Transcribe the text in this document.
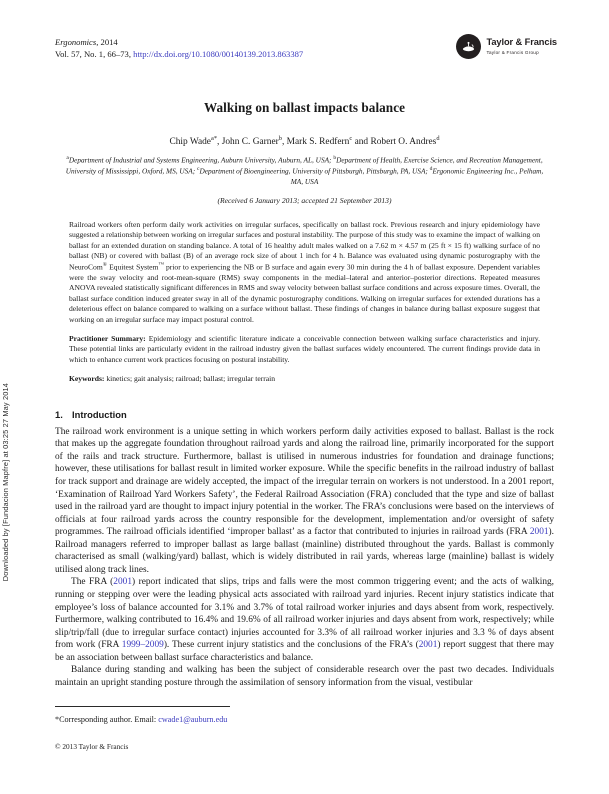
Downloaded by [Fundacion Mapfre] at 03:25 27 May 2014
Ergonomics, 2014
Vol. 57, No. 1, 66–73, http://dx.doi.org/10.1080/00140139.2013.863387
Taylor & Francis
Taylor & Francis Group
Walking on ballast impacts balance
Chip Wade$^{a*}$, John C. Garner$^b$, Mark S. Redfern$^c$ and Robert O. Andres$^d$
$^a$Department of Industrial and Systems Engineering, Auburn University, Auburn, AL, USA; $^b$Department of Health, Exercise Science, and Recreation Management, University of Mississippi, Oxford, MS, USA; $^c$Department of Bioengineering, University of Pittsburgh, Pittsburgh, PA, USA; $^d$Ergonomic Engineering Inc., Pelham, MA, USA
(Received 6 January 2013; accepted 21 September 2013)

Railroad workers often perform daily work activities on irregular surfaces, specifically on ballast rock. Previous research and injury epidemiology have suggested a relationship between working on irregular surfaces and postural instability. The purpose of this study was to examine the impact of walking on ballast for an extended duration on standing balance. A total of 16 healthy adult males walked on a 7.62 m × 4.57 m (25 ft × 15 ft) walking surface of no ballast (NB) or covered with ballast (B) of an average rock size of about 1 inch for 4 h. Balance was evaluated using dynamic posturography with the NeuroCom® Equitest System™ prior to experiencing the NB or B surface and again every 30 min during the 4 h of ballast exposure. Dependent variables were the sway velocity and root-mean-square (RMS) sway components in the medial–lateral and anterior–posterior directions. Repeated measures ANOVA revealed statistically significant differences in RMS and sway velocity between ballast surface conditions and across exposure times. Overall, the ballast surface condition induced greater sway in all of the dynamic posturography conditions. Walking on irregular surfaces for extended durations has a deleterious effect on balance compared to walking on a surface without ballast. These findings of changes in balance during ballast exposure suggest that working on an irregular surface may impact postural control.

Practitioner Summary: Epidemiology and scientific literature indicate a conceivable connection between walking surface characteristics and injury. These potential links are particularly evident in the railroad industry given the ballast surfaces widely encountered. The current findings provide data in which to enhance current work practices focusing on postural instability.

Keywords: kinetics; gait analysis; railroad; ballast; irregular terrain

1. Introduction

The railroad work environment is a unique setting in which workers perform daily activities exposed to ballast. Ballast is the rock that makes up the aggregate foundation throughout railroad yards and along the railroad line, primarily incorporated for the support of the rails and track structure. Furthermore, ballast is utilised in numerous industries for foundation and drainage functions; however, these utilisations for ballast result in limited worker exposure. While the specific benefits in the railroad industry of ballast for track support and drainage are widely accepted, the impact of the irregular terrain on workers is not understood. In a 2001 report, ‘Examination of Railroad Yard Workers Safety’, the Federal Railroad Association (FRA) concluded that the type and size of ballast used in the railroad yard are thought to impact injury potential in the worker. The FRA’s conclusions were based on the interviews of officials at four railroad yards across the country responsible for the development, implementation and/or oversight of safety programmes. The railroad officials identified ‘improper ballast’ as a factor that contributed to injuries in railroad yards (FRA 2001). Railroad managers referred to improper ballast as large ballast (mainline) distributed throughout the yards. Ballast is commonly characterised as small (walking/yard) ballast, which is widely distributed in rail yards, whereas large (mainline) ballast is widely utilised along track lines.

The FRA (2001) report indicated that slips, trips and falls were the most common triggering event; and the acts of walking, running or stepping over were the leading physical acts associated with railroad yard injuries. Recent injury statistics indicate that employee’s loss of balance accounted for 3.1% and 3.7% of total railroad worker injuries and days absent from work, respectively. Furthermore, walking contributed to 16.4% and 19.6% of all railroad worker injuries and days absent from work, respectively; while slip/trip/fall (due to irregular surface contact) injuries accounted for 3.3% of all railroad worker injuries and 3.3 % of days absent from work (FRA 1999–2009). These current injury statistics and the conclusions of the FRA’s (2001) report suggest that there may be an association between ballast surface characteristics and balance.

Balance during standing and walking has been the subject of considerable research over the past two decades. Individuals maintain an upright standing posture through the assimilation of sensory information from the visual, vestibular

*Corresponding author. Email: cwade1@auburn.edu
© 2013 Taylor & Francis
